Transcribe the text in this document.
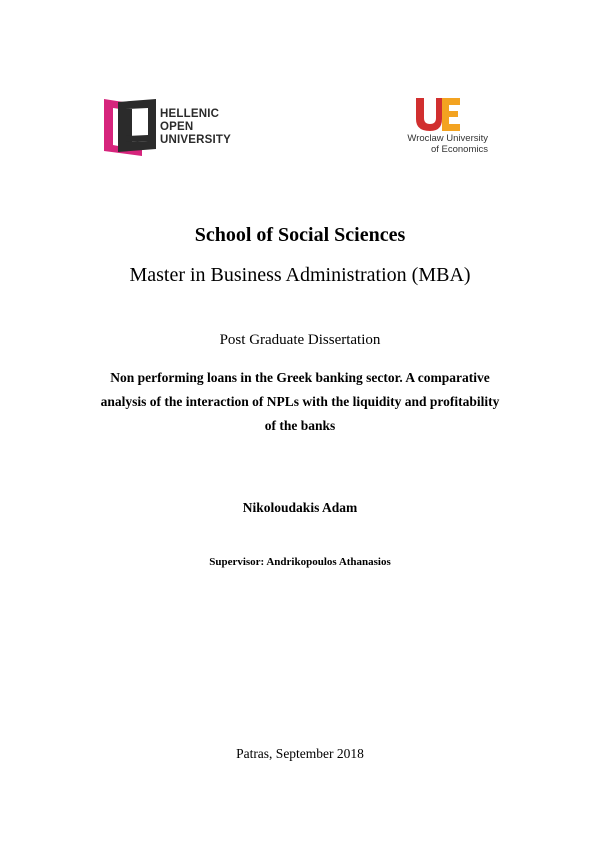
HELLENIC
OPEN
UNIVERSITY	Wroclaw University
of Economics
School of Social Sciences
Master in Business Administration (MBA)
Post Graduate Dissertation
Non performing loans in the Greek banking sector. A comparative
analysis of the interaction of NPLs with the liquidity and profitability
of the banks
Nikoloudakis Adam
Supervisor: Andrikopoulos Athanasios
Patras, September 2018
